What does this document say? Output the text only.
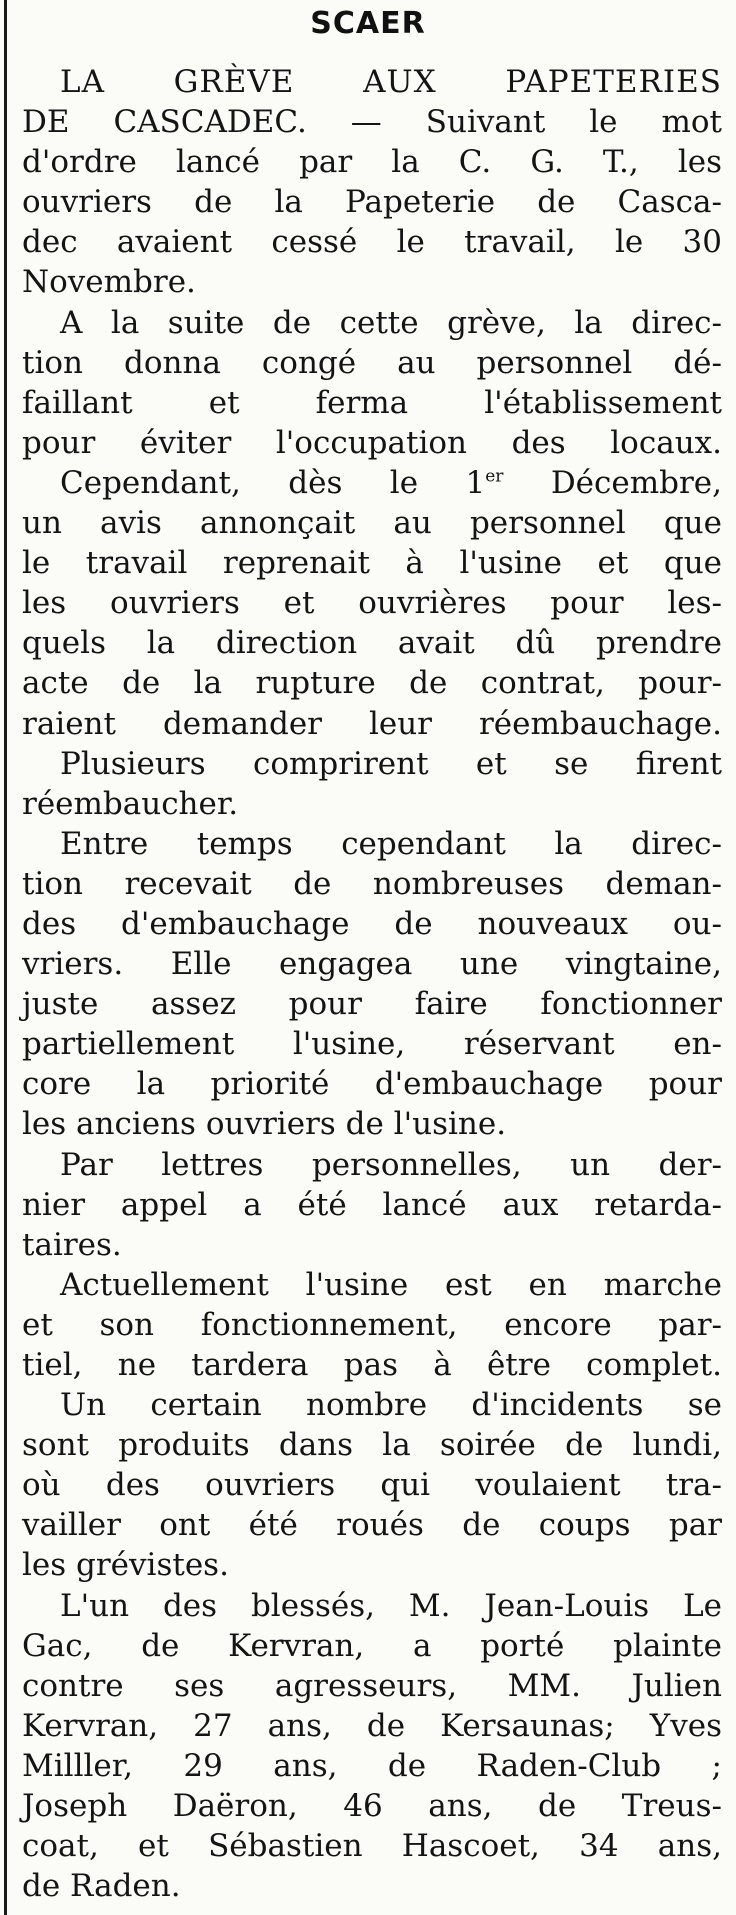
SCAER
LA GRÈVE AUX PAPETERIES
DE CASCADEC. — Suivant le mot
d'ordre lancé par la C. G. T., les
ouvriers de la Papeterie de Casca-
dec avaient cessé le travail, le 30
Novembre.
A la suite de cette grève, la direc-
tion donna congé au personnel dé-
faillant et ferma l'établissement
pour éviter l'occupation des locaux.
Cependant, dès le 1er Décembre,
un avis annonçait au personnel que
le travail reprenait à l'usine et que
les ouvriers et ouvrières pour les-
quels la direction avait dû prendre
acte de la rupture de contrat, pour-
raient demander leur réembauchage.
Plusieurs comprirent et se firent
réembaucher.
Entre temps cependant la direc-
tion recevait de nombreuses deman-
des d'embauchage de nouveaux ou-
vriers. Elle engagea une vingtaine,
juste assez pour faire fonctionner
partiellement l'usine, réservant en-
core la priorité d'embauchage pour
les anciens ouvriers de l'usine.
Par lettres personnelles, un der-
nier appel a été lancé aux retarda-
taires.
Actuellement l'usine est en marche
et son fonctionnement, encore par-
tiel, ne tardera pas à être complet.
Un certain nombre d'incidents se
sont produits dans la soirée de lundi,
où des ouvriers qui voulaient tra-
vailler ont été roués de coups par
les grévistes.
L'un des blessés, M. Jean-Louis Le
Gac, de Kervran, a porté plainte
contre ses agresseurs, MM. Julien
Kervran, 27 ans, de Kersaunas; Yves
Milller, 29 ans, de Raden-Club ;
Joseph Daëron, 46 ans, de Treus-
coat, et Sébastien Hascoet, 34 ans,
de Raden.
